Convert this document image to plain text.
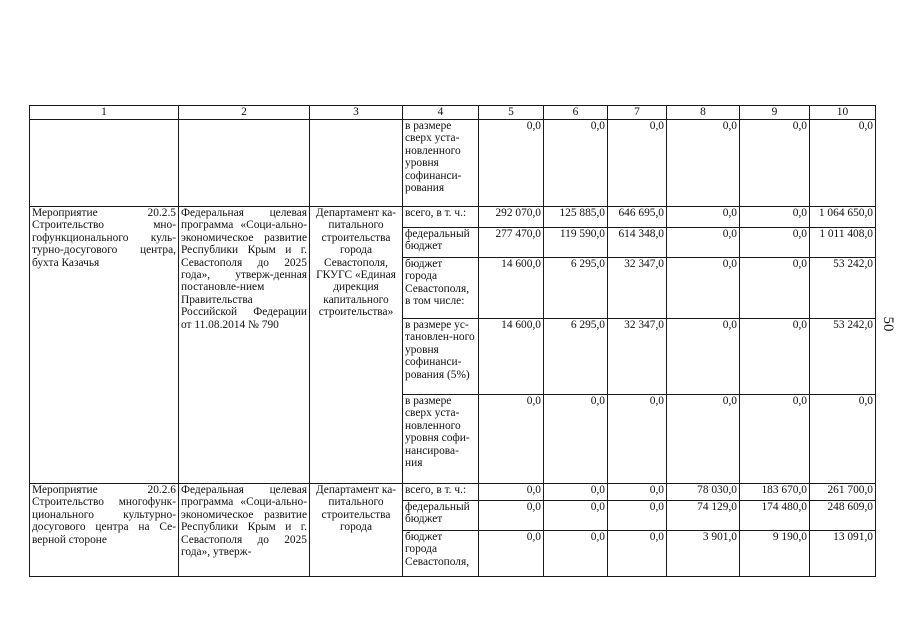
1	2	3	4	5	6	7	8	9	10
			в размере сверх уста-новленного уровня софинанси-рования	0,0	0,0	0,0	0,0	0,0	0,0
Мероприятие 20.2.5 Строительство мно-гофункционального куль-турно-досугового центра, бухта Казачья	Федеральная целевая программа «Соци-ально-экономическое развитие Республики Крым и г. Севастополя до 2025 года», утверж-денная постановле-нием Правительства Российской Федерации от 11.08.2014 № 790	Департамент ка-питального строительства города Севастополя, ГКУГС «Единая дирекция капитального строительства»	всего, в т. ч.:	292 070,0	125 885,0	646 695,0	0,0	0,0	1 064 650,0
			федеральный бюджет	277 470,0	119 590,0	614 348,0	0,0	0,0	1 011 408,0
			бюджет города Севастополя, в том числе:	14 600,0	6 295,0	32 347,0	0,0	0,0	53 242,0
			в размере ус-тановлен-ного уровня софинанси-рования (5%)	14 600,0	6 295,0	32 347,0	0,0	0,0	53 242,0
			в размере сверх уста-новленного уровня софи-нансирова-ния	0,0	0,0	0,0	0,0	0,0	0,0
Мероприятие 20.2.6 Строительство многофунк-ционального культурно-досугового центра на Се-верной стороне	Федеральная целевая программа «Соци-ально-экономическое развитие Республики Крым и г. Севастополя до 2025 года», утверж-	Департамент ка-питального строительства города	всего, в т. ч.:	0,0	0,0	0,0	78 030,0	183 670,0	261 700,0
			федеральный бюджет	0,0	0,0	0,0	74 129,0	174 480,0	248 609,0
			бюджет города Севастополя,	0,0	0,0	0,0	3 901,0	9 190,0	13 091,0
50
